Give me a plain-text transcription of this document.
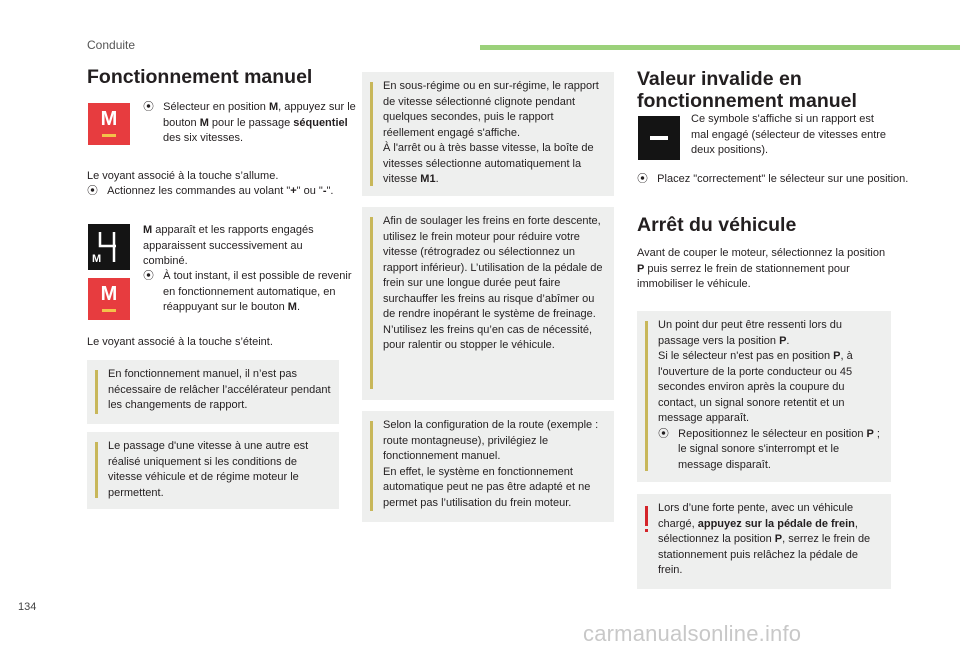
Conduite
Fonctionnement manuel
M
⦿ Sélecteur en position M, appuyez sur le bouton M pour le passage séquentiel des six vitesses.
Le voyant associé à la touche s’allume.
⦿ Actionnez les commandes au volant "+" ou "-".
M
M apparaît et les rapports engagés apparaissent successivement au combiné.
M
⦿ À tout instant, il est possible de revenir en fonctionnement automatique, en réappuyant sur le bouton M.
Le voyant associé à la touche s’éteint.
En fonctionnement manuel, il n’est pas nécessaire de relâcher l’accélérateur pendant les changements de rapport.
Le passage d'une vitesse à une autre est réalisé uniquement si les conditions de vitesse véhicule et de régime moteur le permettent.
En sous-régime ou en sur-régime, le rapport de vitesse sélectionné clignote pendant quelques secondes, puis le rapport réellement engagé s'affiche.
À l'arrêt ou à très basse vitesse, la boîte de vitesses sélectionne automatiquement la vitesse M1.
Afin de soulager les freins en forte descente, utilisez le frein moteur pour réduire votre vitesse (rétrogradez ou sélectionnez un rapport inférieur). L’utilisation de la pédale de frein sur une longue durée peut faire surchauffer les freins au risque d’abîmer ou de rendre inopérant le système de freinage. N’utilisez les freins qu’en cas de nécessité, pour ralentir ou stopper le véhicule.
Selon la configuration de la route (exemple : route montagneuse), privilégiez le fonctionnement manuel.
En effet, le système en fonctionnement automatique peut ne pas être adapté et ne permet pas l’utilisation du frein moteur.
Valeur invalide en
fonctionnement manuel
Ce symbole s'affiche si un rapport est mal engagé (sélecteur de vitesses entre deux positions).
⦿ Placez "correctement" le sélecteur sur une position.
Arrêt du véhicule
Avant de couper le moteur, sélectionnez la position P puis serrez le frein de stationnement pour immobiliser le véhicule.
Un point dur peut être ressenti lors du passage vers la position P.
Si le sélecteur n'est pas en position P, à l'ouverture de la porte conducteur ou 45 secondes environ après la coupure du contact, un signal sonore retentit et un message apparaît.
⦿ Repositionnez le sélecteur en position P ; le signal sonore s'interrompt et le message disparaît.
Lors d’une forte pente, avec un véhicule chargé, appuyez sur la pédale de frein, sélectionnez la position P, serrez le frein de stationnement puis relâchez la pédale de frein.
134
carmanualsonline.info
